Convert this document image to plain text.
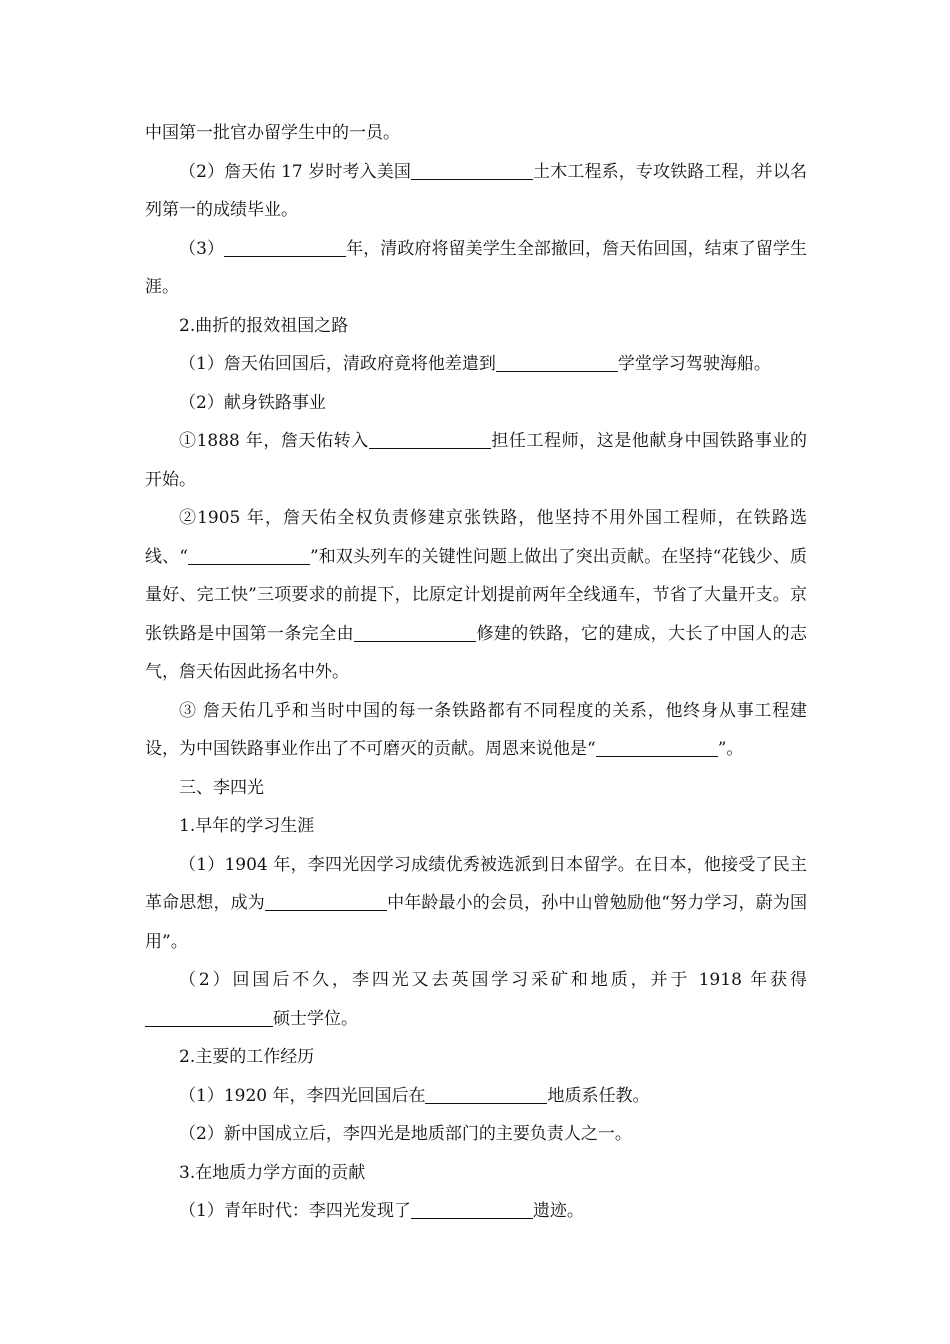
中国第一批官办留学生中的一员。

（2）詹天佑 17 岁时考入美国	土木工程系，专攻铁路工程，并以名列第一的成绩毕业。

（3）	年，清政府将留美学生全部撤回，詹天佑回国，结束了留学生涯。

2.曲折的报效祖国之路

（1）詹天佑回国后，清政府竟将他差遣到	学堂学习驾驶海船。

（2）献身铁路事业

①1888 年，詹天佑转入	担任工程师，这是他献身中国铁路事业的开始。

②1905 年，詹天佑全权负责修建京张铁路，他坚持不用外国工程师，在铁路选线、“	”和双头列车的关键性问题上做出了突出贡献。在坚持“花钱少、质量好、完工快”三项要求的前提下，比原定计划提前两年全线通车，节省了大量开支。京张铁路是中国第一条完全由	修建的铁路，它的建成，大长了中国人的志气，詹天佑因此扬名中外。

③ 詹天佑几乎和当时中国的每一条铁路都有不同程度的关系，他终身从事工程建设，为中国铁路事业作出了不可磨灭的贡献。周恩来说他是“	”。

三、李四光

1.早年的学习生涯

（1）1904 年，李四光因学习成绩优秀被选派到日本留学。在日本，他接受了民主革命思想，成为	中年龄最小的会员，孙中山曾勉励他“努力学习，蔚为国用”。

（2）回国后不久，李四光又去英国学习采矿和地质，并于 1918 年获得硕士学位。

2.主要的工作经历

（1）1920 年，李四光回国后在	地质系任教。

（2）新中国成立后，李四光是地质部门的主要负责人之一。

3.在地质力学方面的贡献

（1）青年时代：李四光发现了	遗迹。
